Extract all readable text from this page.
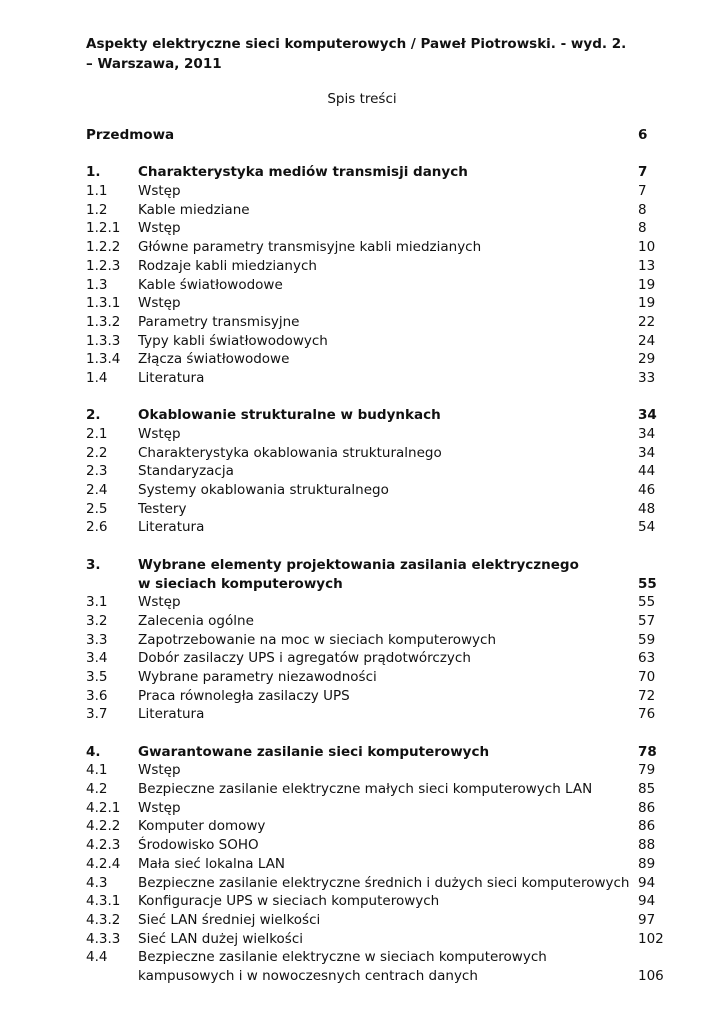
Aspekty elektryczne sieci komputerowych / Paweł Piotrowski. - wyd. 2.
– Warszawa, 2011
Spis treści
Przedmowa	6
1.	Charakterystyka mediów transmisji danych	7
1.1 Wstęp	7
1.2 Kable miedziane	8
1.2.1 Wstęp	8
1.2.2 Główne parametry transmisyjne kabli miedzianych	10
1.2.3 Rodzaje kabli miedzianych	13
1.3 Kable światłowodowe	19
1.3.1 Wstęp	19
1.3.2 Parametry transmisyjne	22
1.3.3 Typy kabli światłowodowych	24
1.3.4 Złącza światłowodowe	29
1.4 Literatura	33
2.	Okablowanie strukturalne w budynkach	34
2.1 Wstęp	34
2.2 Charakterystyka okablowania strukturalnego	34
2.3 Standaryzacja	44
2.4 Systemy okablowania strukturalnego	46
2.5 Testery	48
2.6 Literatura	54
3.	Wybrane elementy projektowania zasilania elektrycznego
w sieciach komputerowych	55
3.1 Wstęp	55
3.2 Zalecenia ogólne	57
3.3 Zapotrzebowanie na moc w sieciach komputerowych	59
3.4 Dobór zasilaczy UPS i agregatów prądotwórczych	63
3.5 Wybrane parametry niezawodności	70
3.6 Praca równoległa zasilaczy UPS	72
3.7 Literatura	76
4.	Gwarantowane zasilanie sieci komputerowych	78
4.1 Wstęp	79
4.2 Bezpieczne zasilanie elektryczne małych sieci komputerowych LAN	85
4.2.1 Wstęp	86
4.2.2 Komputer domowy	86
4.2.3 Środowisko SOHO	88
4.2.4 Mała sieć lokalna LAN	89
4.3 Bezpieczne zasilanie elektryczne średnich i dużych sieci komputerowych 94
4.3.1 Konfiguracje UPS w sieciach komputerowych	94
4.3.2 Sieć LAN średniej wielkości	97
4.3.3 Sieć LAN dużej wielkości	102
4.4 Bezpieczne zasilanie elektryczne w sieciach komputerowych
kampusowych i w nowoczesnych centrach danych	106
